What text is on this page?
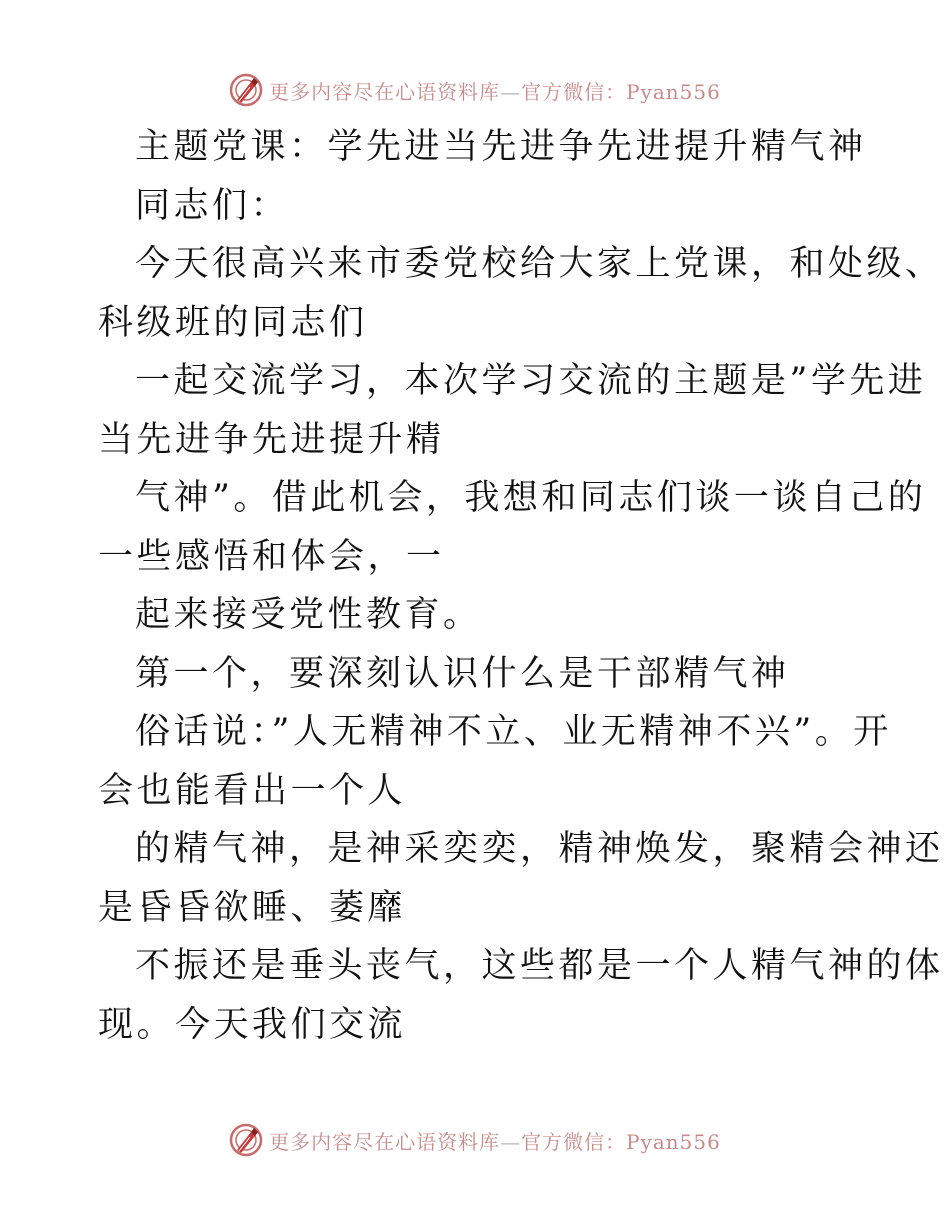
更多内容尽在心语资料库—官方微信：Pyan556
主题党课：学先进当先进争先进提升精气神
同志们：
今天很高兴来市委党校给大家上党课，和处级、
科级班的同志们
一起交流学习，本次学习交流的主题是”学先进
当先进争先进提升精
气神”。借此机会，我想和同志们谈一谈自己的
一些感悟和体会，一
起来接受党性教育。
第一个，要深刻认识什么是干部精气神
俗话说：”人无精神不立、业无精神不兴”。开
会也能看出一个人
的精气神，是神采奕奕，精神焕发，聚精会神还
是昏昏欲睡、萎靡
不振还是垂头丧气，这些都是一个人精气神的体
现。今天我们交流
更多内容尽在心语资料库—官方微信：Pyan556
